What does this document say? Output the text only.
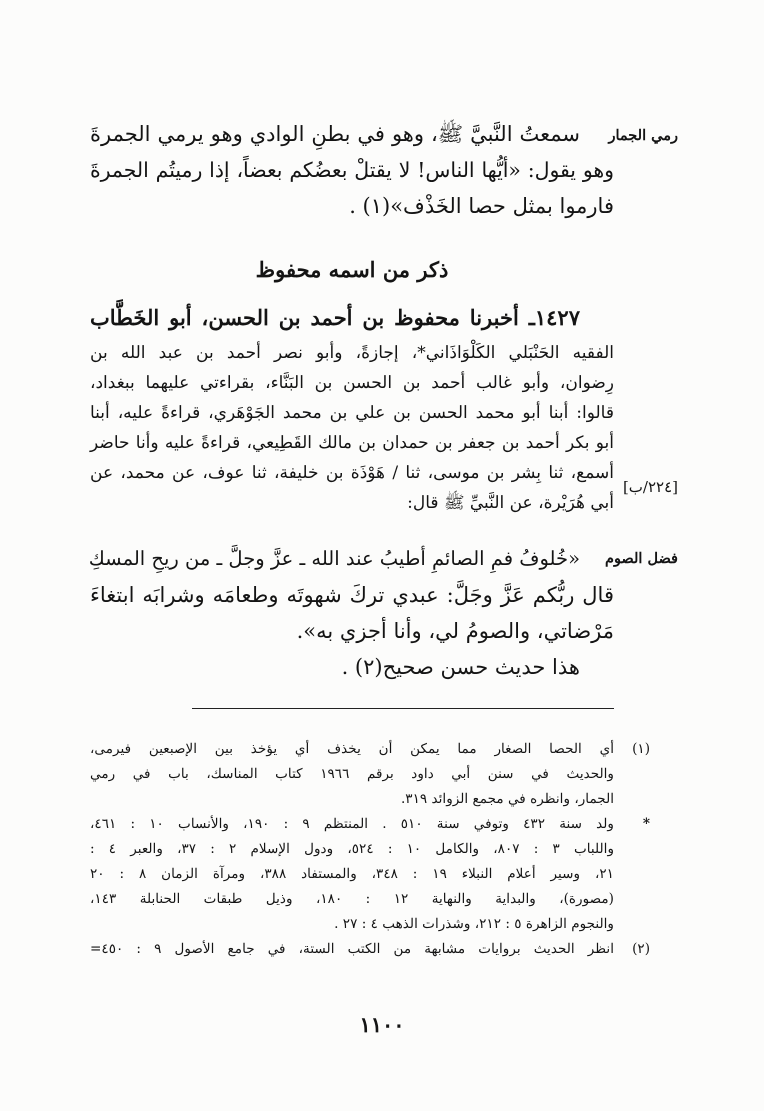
رمي الجمار
[٢٢٤/ب]
فضل الصوم
سمعتُ النَّبيَّ ﷺ، وهو في بطنِ الوادي وهو يرمي الجمرةَ
وهو يقول: «أيُّها الناس! لا يقتلْ بعضُكم بعضاً، إذا رميتُم الجمرةَ
فارموا بمثل حصا الخَذْف»(١) .
ذكر من اسمه محفوظ
١٤٢٧ـ أخبرنا محفوظ بن أحمد بن الحسن، أبو الخَطَّاب
الفقيه الحَنْبَلي الكَلْوَاذَاني*، إجازةً، وأبو نصر أحمد بن عبد الله بن
رِضوان، وأبو غالب أحمد بن الحسن بن البَنَّاء، بقراءتي عليهما ببغداد،
قالوا: أبنا أبو محمد الحسن بن علي بن محمد الجَوْهَري، قراءةً عليه، أبنا
أبو بكر أحمد بن جعفر بن حمدان بن مالك القَطِيعي، قراءةً عليه وأنا حاضر
أسمع، ثنا بِشر بن موسى، ثنا / هَوْذَة بن خليفة، ثنا عوف، عن محمد، عن
أبي هُرَيْرة، عن النَّبيِّ ﷺ قال:
«خُلوفُ فمِ الصائمِ أطيبُ عند الله ـ عزَّ وجلَّ ـ من ريحِ المسكِ
قال ربُّكم عَزَّ وجَلَّ: عبدي تركَ شهوتَه وطعامَه وشرابَه ابتغاءَ
مَرْضاتي، والصومُ لي، وأنا أجزي به».
هذا حديث حسن صحيح(٢) .
(١)
أي الحصا الصغار مما يمكن أن يخذف أي يؤخذ بين الإصبعين فيرمى،
والحديث في سنن أبي داود برقم ١٩٦٦ كتاب المناسك، باب في رمي
الجمار، وانظره في مجمع الزوائد ٣١٩.
*
ولد سنة ٤٣٢ وتوفي سنة ٥١٠ . المنتظم ٩ : ١٩٠، والأنساب ١٠ : ٤٦١،
واللباب ٣ : ٨٠٧، والكامل ١٠ : ٥٢٤، ودول الإسلام ٢ : ٣٧، والعبر ٤ :
٢١، وسير أعلام النبلاء ١٩ : ٣٤٨، والمستفاد ٣٨٨، ومرآة الزمان ٨ : ٢٠
(مصورة)، والبداية والنهاية ١٢ : ١٨٠، وذيل طبقات الحنابلة ١٤٣،
والنجوم الزاهرة ٥ : ٢١٢، وشذرات الذهب ٤ : ٢٧ .
(٢)
انظر الحديث بروايات مشابهة من الكتب الستة، في جامع الأصول ٩ : ٤٥٠=
١١٠٠
